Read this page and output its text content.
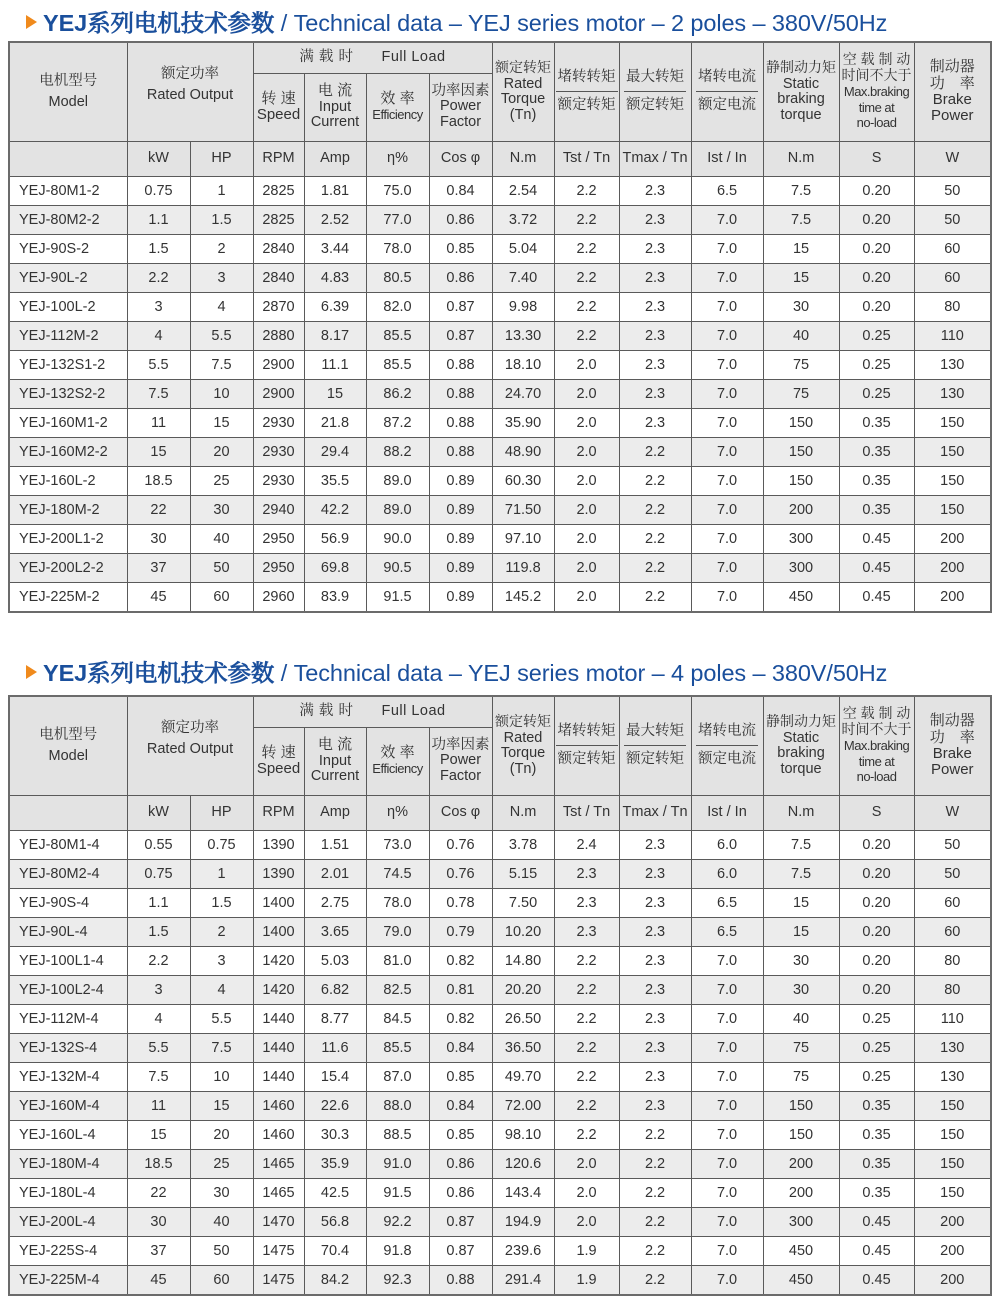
YEJ系列电机技术参数 / Technical data – YEJ series motor – 2 poles – 380V/50Hz
电机型号
Model	额定功率
Rated Output		满 载 时 Full Load				额定转矩
Rated
Torque
(Tn)	$\frac{\text{堵转转矩}}{\text{额定转矩}}$	$\frac{\text{最大转矩}}{\text{额定转矩}}$	$\frac{\text{堵转电流}}{\text{额定电流}}$	静制动力矩
Static
braking
torque	空 载 制 动
时间不大于
Max.braking
time at
no-load	制动器
功　率
Brake
Power
			转 速
Speed	电 流
Input
Current	效 率
Efficiency	功率因素
Power
Factor							
	kW	HP	RPM	Amp	η%	Cos φ	N.m	Tst / Tn	Tmax / Tn	Ist / In	N.m	S	W
YEJ-80M1-2	0.75	1	2825	1.81	75.0	0.84	2.54	2.2	2.3	6.5	7.5	0.20	50
YEJ-80M2-2	1.1	1.5	2825	2.52	77.0	0.86	3.72	2.2	2.3	7.0	7.5	0.20	50
YEJ-90S-2	1.5	2	2840	3.44	78.0	0.85	5.04	2.2	2.3	7.0	15	0.20	60
YEJ-90L-2	2.2	3	2840	4.83	80.5	0.86	7.40	2.2	2.3	7.0	15	0.20	60
YEJ-100L-2	3	4	2870	6.39	82.0	0.87	9.98	2.2	2.3	7.0	30	0.20	80
YEJ-112M-2	4	5.5	2880	8.17	85.5	0.87	13.30	2.2	2.3	7.0	40	0.25	110
YEJ-132S1-2	5.5	7.5	2900	11.1	85.5	0.88	18.10	2.0	2.3	7.0	75	0.25	130
YEJ-132S2-2	7.5	10	2900	15	86.2	0.88	24.70	2.0	2.3	7.0	75	0.25	130
YEJ-160M1-2	11	15	2930	21.8	87.2	0.88	35.90	2.0	2.3	7.0	150	0.35	150
YEJ-160M2-2	15	20	2930	29.4	88.2	0.88	48.90	2.0	2.2	7.0	150	0.35	150
YEJ-160L-2	18.5	25	2930	35.5	89.0	0.89	60.30	2.0	2.2	7.0	150	0.35	150
YEJ-180M-2	22	30	2940	42.2	89.0	0.89	71.50	2.0	2.2	7.0	200	0.35	150
YEJ-200L1-2	30	40	2950	56.9	90.0	0.89	97.10	2.0	2.2	7.0	300	0.45	200
YEJ-200L2-2	37	50	2950	69.8	90.5	0.89	119.8	2.0	2.2	7.0	300	0.45	200
YEJ-225M-2	45	60	2960	83.9	91.5	0.89	145.2	2.0	2.2	7.0	450	0.45	200
YEJ系列电机技术参数 / Technical data – YEJ series motor – 4 poles – 380V/50Hz
电机型号
Model	额定功率
Rated Output		满 载 时 Full Load				额定转矩
Rated
Torque
(Tn)	$\frac{\text{堵转转矩}}{\text{额定转矩}}$	$\frac{\text{最大转矩}}{\text{额定转矩}}$	$\frac{\text{堵转电流}}{\text{额定电流}}$	静制动力矩
Static
braking
torque	空 载 制 动
时间不大于
Max.braking
time at
no-load	制动器
功　率
Brake
Power
			转 速
Speed	电 流
Input
Current	效 率
Efficiency	功率因素
Power
Factor							
	kW	HP	RPM	Amp	η%	Cos φ	N.m	Tst / Tn	Tmax / Tn	Ist / In	N.m	S	W
YEJ-80M1-4	0.55	0.75	1390	1.51	73.0	0.76	3.78	2.4	2.3	6.0	7.5	0.20	50
YEJ-80M2-4	0.75	1	1390	2.01	74.5	0.76	5.15	2.3	2.3	6.0	7.5	0.20	50
YEJ-90S-4	1.1	1.5	1400	2.75	78.0	0.78	7.50	2.3	2.3	6.5	15	0.20	60
YEJ-90L-4	1.5	2	1400	3.65	79.0	0.79	10.20	2.3	2.3	6.5	15	0.20	60
YEJ-100L1-4	2.2	3	1420	5.03	81.0	0.82	14.80	2.2	2.3	7.0	30	0.20	80
YEJ-100L2-4	3	4	1420	6.82	82.5	0.81	20.20	2.2	2.3	7.0	30	0.20	80
YEJ-112M-4	4	5.5	1440	8.77	84.5	0.82	26.50	2.2	2.3	7.0	40	0.25	110
YEJ-132S-4	5.5	7.5	1440	11.6	85.5	0.84	36.50	2.2	2.3	7.0	75	0.25	130
YEJ-132M-4	7.5	10	1440	15.4	87.0	0.85	49.70	2.2	2.3	7.0	75	0.25	130
YEJ-160M-4	11	15	1460	22.6	88.0	0.84	72.00	2.2	2.3	7.0	150	0.35	150
YEJ-160L-4	15	20	1460	30.3	88.5	0.85	98.10	2.2	2.2	7.0	150	0.35	150
YEJ-180M-4	18.5	25	1465	35.9	91.0	0.86	120.6	2.0	2.2	7.0	200	0.35	150
YEJ-180L-4	22	30	1465	42.5	91.5	0.86	143.4	2.0	2.2	7.0	200	0.35	150
YEJ-200L-4	30	40	1470	56.8	92.2	0.87	194.9	2.0	2.2	7.0	300	0.45	200
YEJ-225S-4	37	50	1475	70.4	91.8	0.87	239.6	1.9	2.2	7.0	450	0.45	200
YEJ-225M-4	45	60	1475	84.2	92.3	0.88	291.4	1.9	2.2	7.0	450	0.45	200
